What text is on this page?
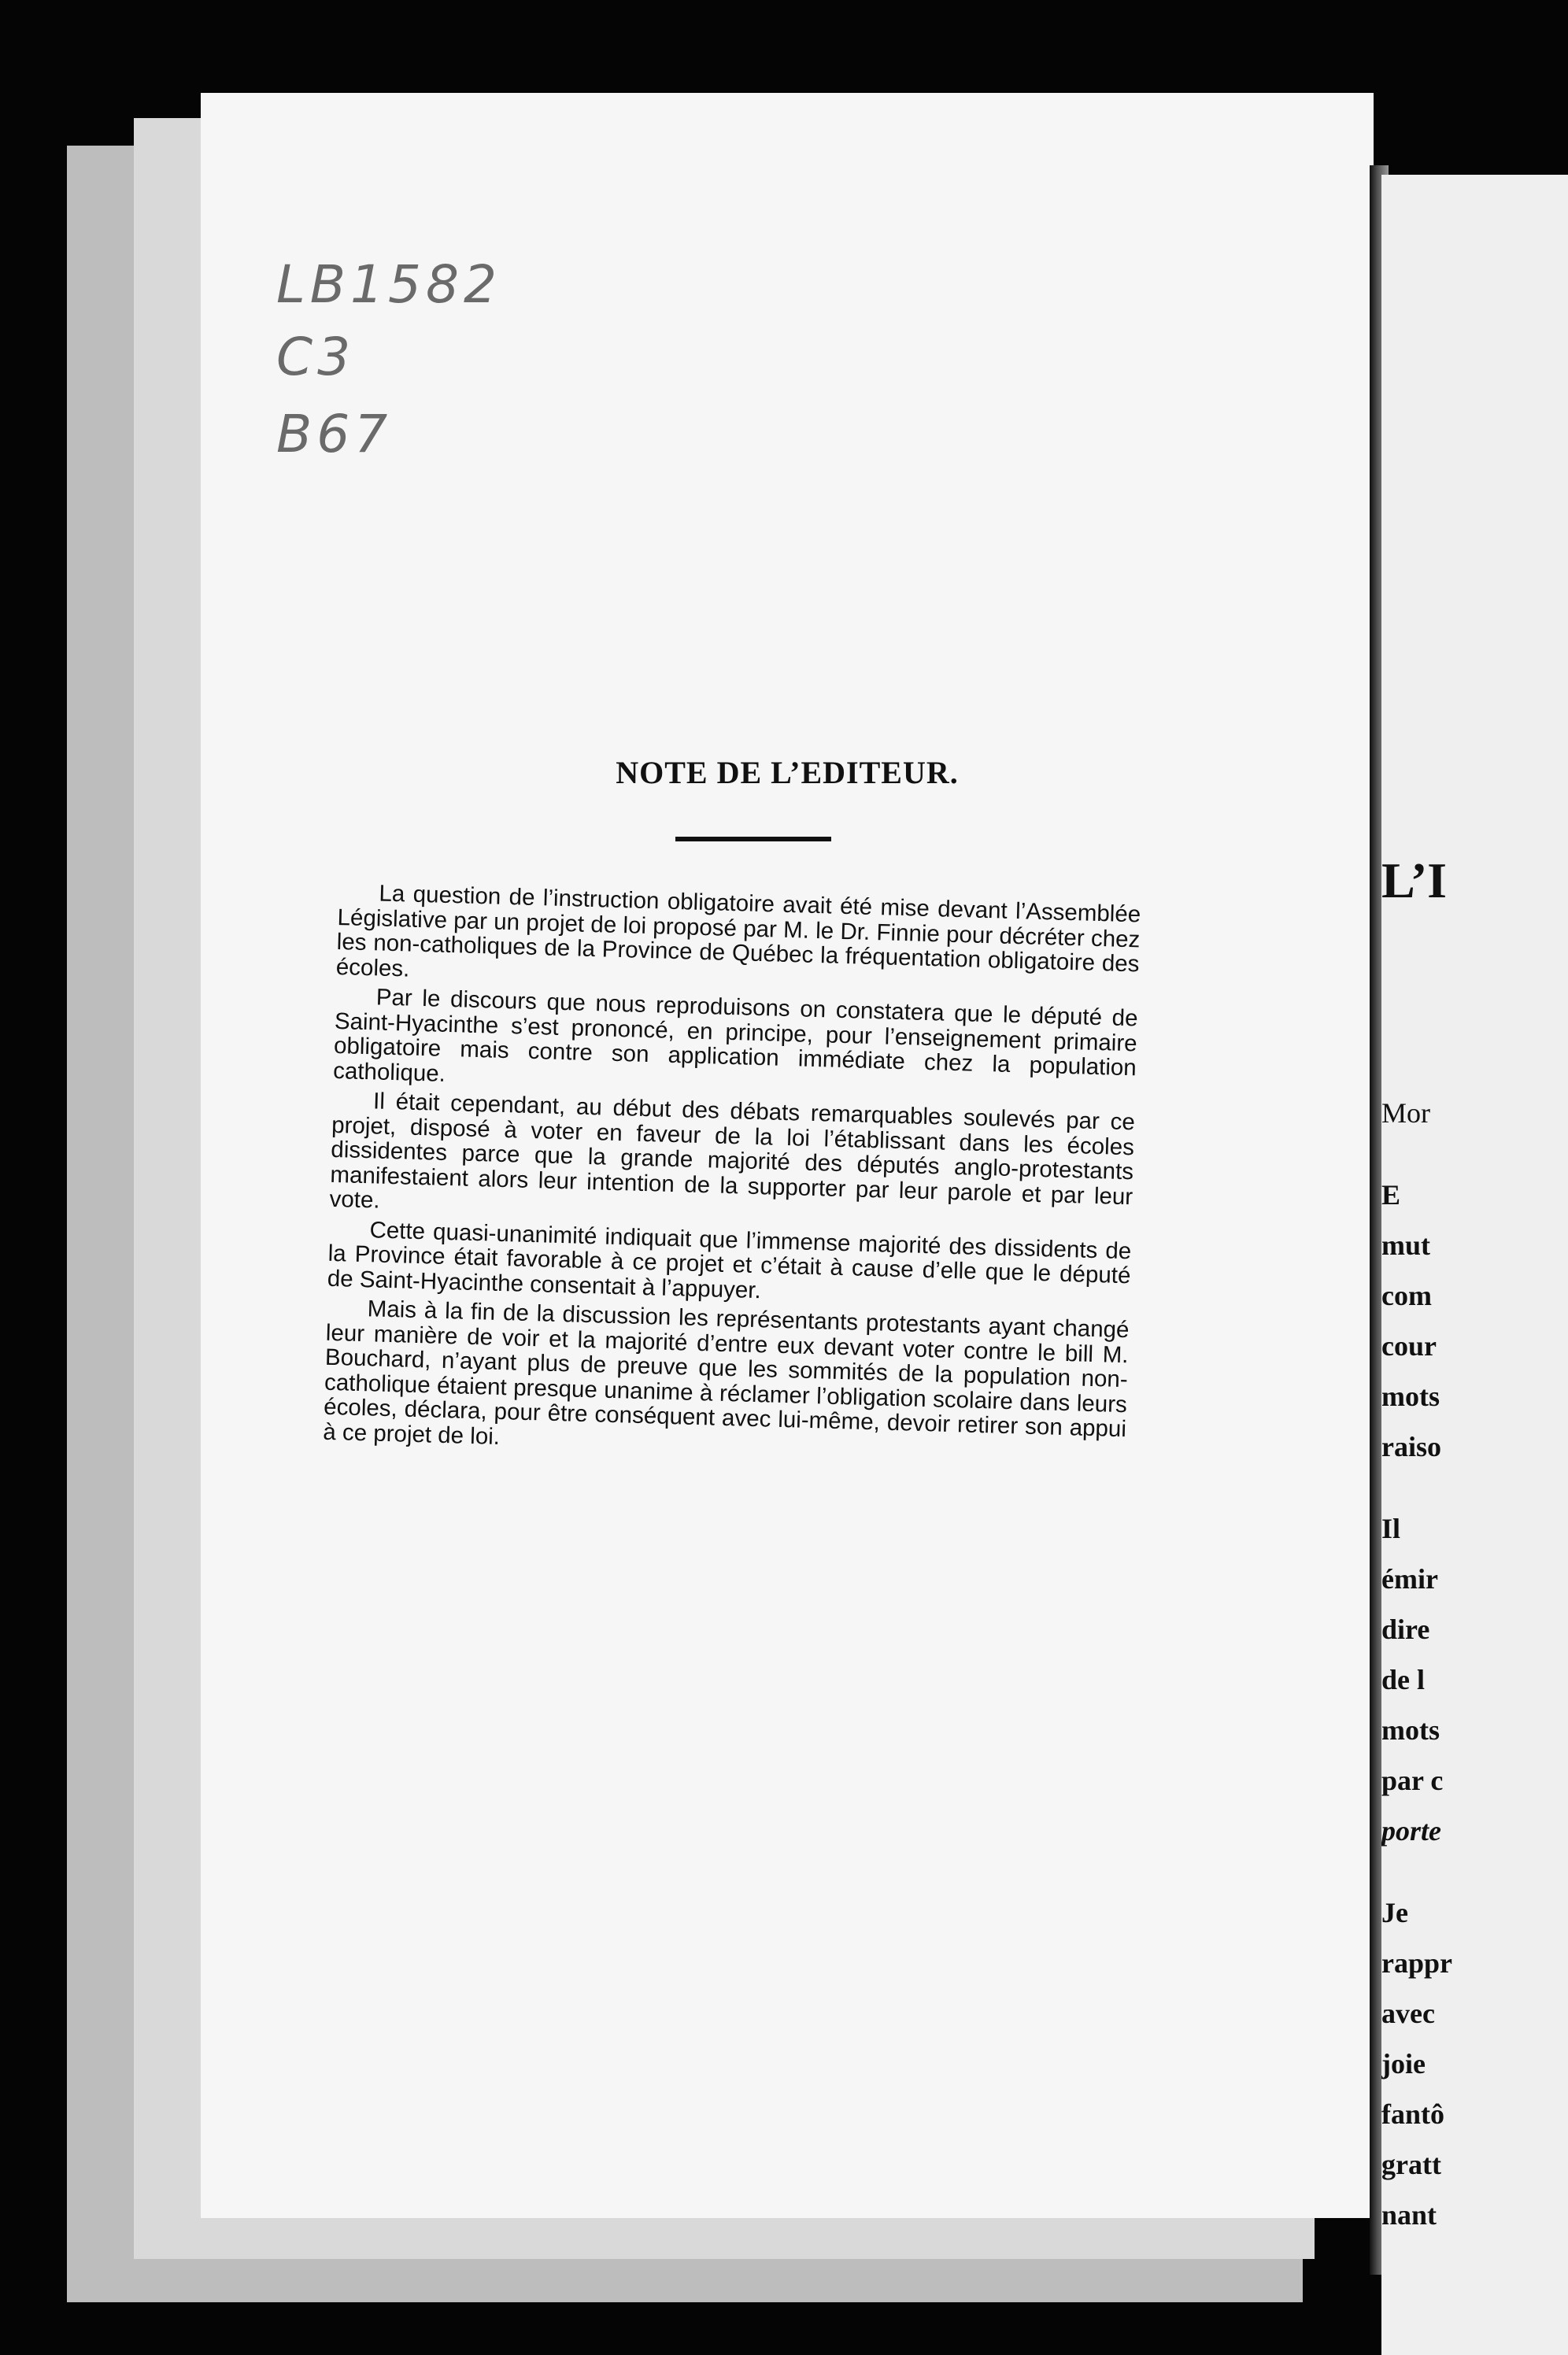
LB1582
C3
B67
NOTE DE L’EDITEUR.

La question de l’instruction obligatoire avait été mise devant l’Assemblée Législative par un projet de loi proposé par M. le Dr. Finnie pour décréter chez les non-catholiques de la Province de Québec la fréquentation obligatoire des écoles.

Par le discours que nous reproduisons on constatera que le député de Saint-Hyacinthe s’est prononcé, en principe, pour l’enseignement primaire obligatoire mais contre son application immédiate chez la population catholique.

Il était cependant, au début des débats remarquables soulevés par ce projet, disposé à voter en faveur de la loi l’établissant dans les écoles dissidentes parce que la grande majorité des députés anglo-protestants manifestaient alors leur intention de la supporter par leur parole et par leur vote.

Cette quasi-unanimité indiquait que l’immense majorité des dissidents de la Province était favorable à ce projet et c’était à cause d’elle que le député de Saint-Hyacinthe consentait à l’appuyer.

Mais à la fin de la discussion les représentants protestants ayant changé leur manière de voir et la majorité d’entre eux devant voter contre le bill M. Bouchard, n’ayant plus de preuve que les sommités de la population non-catholique étaient presque unanime à réclamer l’obligation scolaire dans leurs écoles, déclara, pour être conséquent avec lui-même, devoir retirer son appui à ce projet de loi.

L’I
Mor
E
mut
com
cour
mots
raiso
Il
émir
dire
de l
mots
par c
porte
Je
rappr
avec
joie
fantô
gratt
nant
